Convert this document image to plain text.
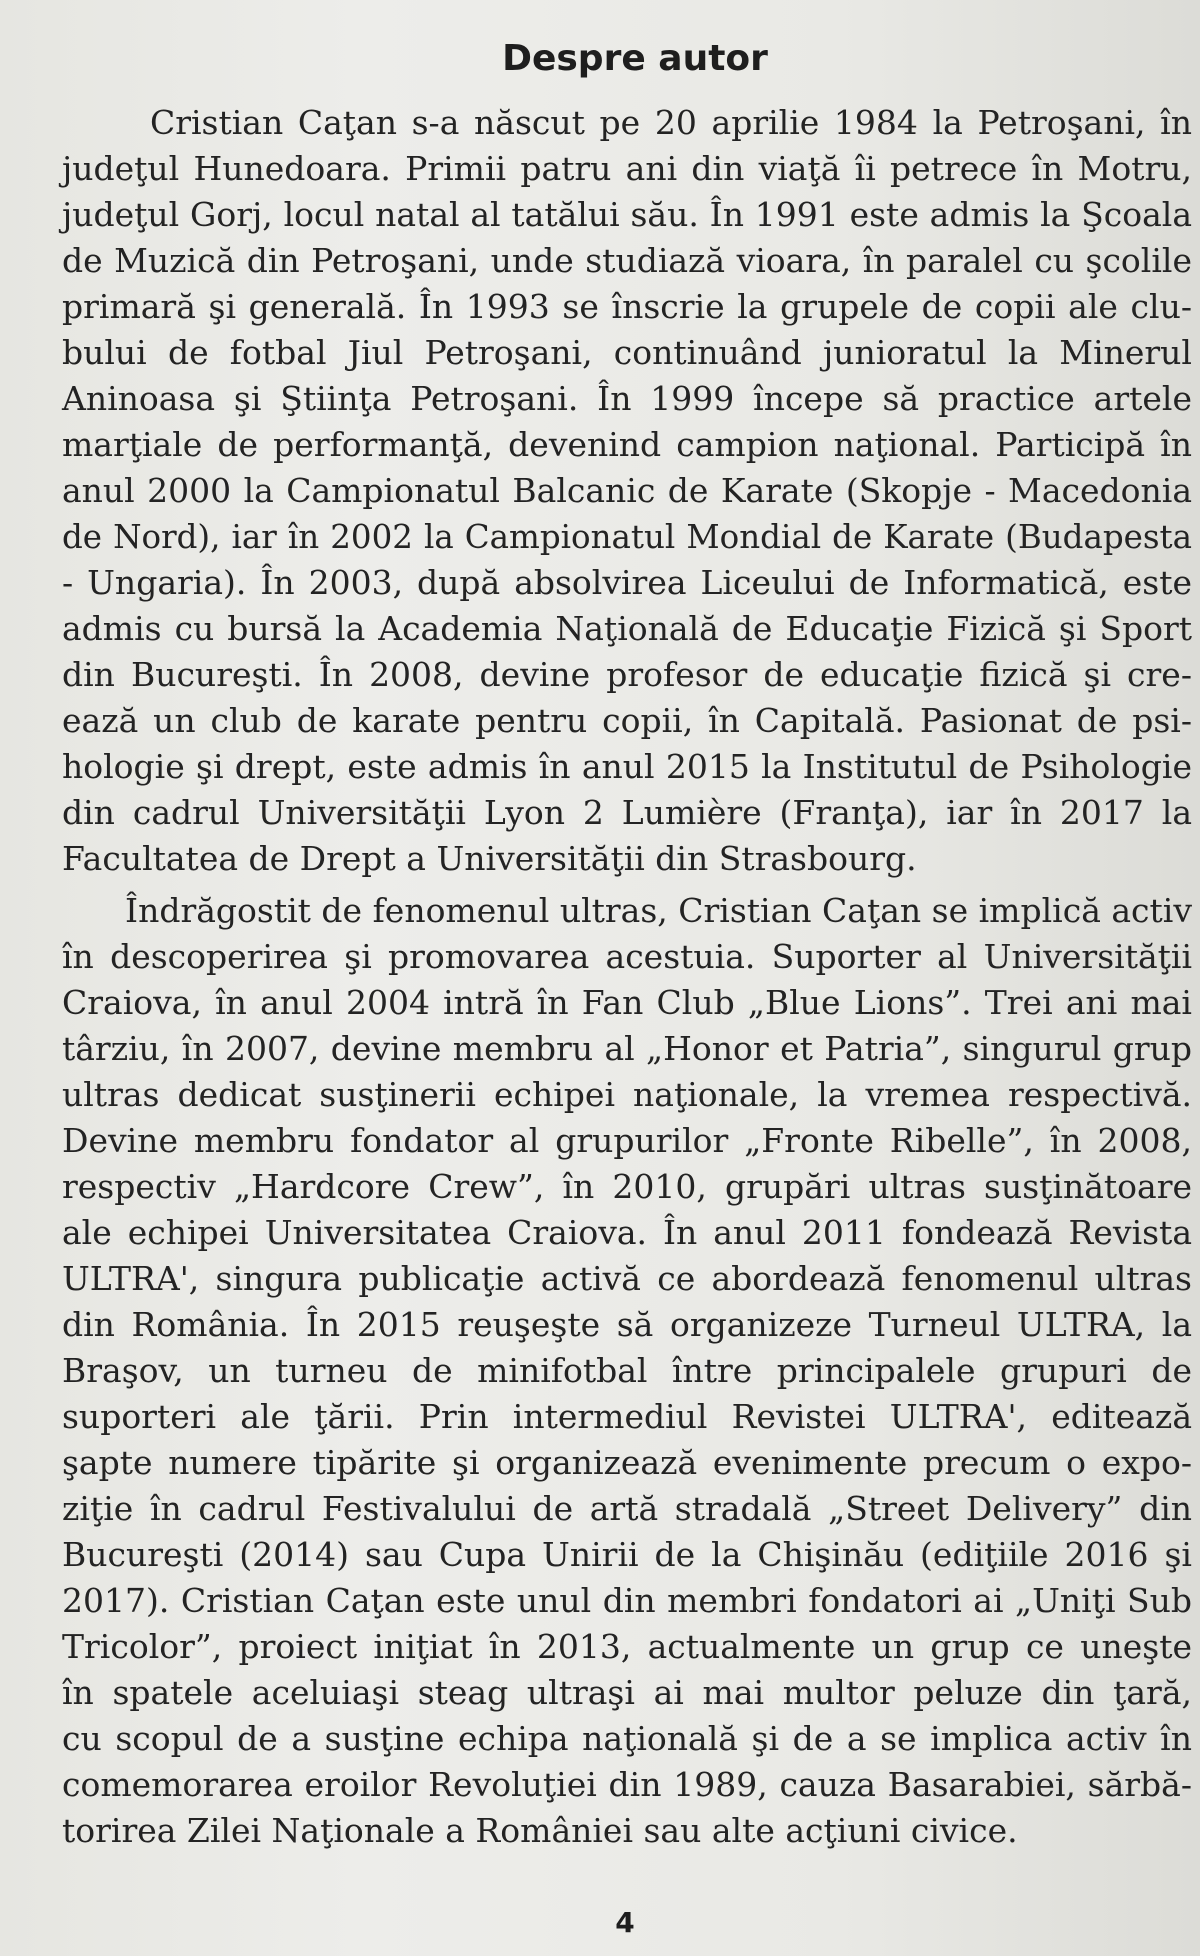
Despre autor
Cristian Caţan s-a născut pe 20 aprilie 1984 la Petroşani, în
judeţul Hunedoara. Primii patru ani din viaţă îi petrece în Motru,
judeţul Gorj, locul natal al tatălui său. În 1991 este admis la Şcoala
de Muzică din Petroşani, unde studiază vioara, în paralel cu şcolile
primară şi generală. În 1993 se înscrie la grupele de copii ale clu-
bului de fotbal Jiul Petroşani, continuând junioratul la Minerul
Aninoasa şi Ştiinţa Petroşani. În 1999 începe să practice artele
marţiale de performanţă, devenind campion naţional. Participă în
anul 2000 la Campionatul Balcanic de Karate (Skopje - Macedonia
de Nord), iar în 2002 la Campionatul Mondial de Karate (Budapesta
- Ungaria). În 2003, după absolvirea Liceului de Informatică, este
admis cu bursă la Academia Naţională de Educaţie Fizică şi Sport
din Bucureşti. În 2008, devine profesor de educaţie fizică şi cre-
ează un club de karate pentru copii, în Capitală. Pasionat de psi-
hologie şi drept, este admis în anul 2015 la Institutul de Psihologie
din cadrul Universităţii Lyon 2 Lumière (Franţa), iar în 2017 la
Facultatea de Drept a Universităţii din Strasbourg.
Îndrăgostit de fenomenul ultras, Cristian Caţan se implică activ
în descoperirea şi promovarea acestuia. Suporter al Universităţii
Craiova, în anul 2004 intră în Fan Club „Blue Lions”. Trei ani mai
târziu, în 2007, devine membru al „Honor et Patria”, singurul grup
ultras dedicat susţinerii echipei naţionale, la vremea respectivă.
Devine membru fondator al grupurilor „Fronte Ribelle”, în 2008,
respectiv „Hardcore Crew”, în 2010, grupări ultras susţinătoare
ale echipei Universitatea Craiova. În anul 2011 fondează Revista
ULTRA', singura publicaţie activă ce abordează fenomenul ultras
din România. În 2015 reuşeşte să organizeze Turneul ULTRA, la
Braşov, un turneu de minifotbal între principalele grupuri de
suporteri ale ţării. Prin intermediul Revistei ULTRA', editează
şapte numere tipărite şi organizează evenimente precum o expo-
ziţie în cadrul Festivalului de artă stradală „Street Delivery” din
Bucureşti (2014) sau Cupa Unirii de la Chişinău (ediţiile 2016 şi
2017). Cristian Caţan este unul din membri fondatori ai „Uniţi Sub
Tricolor”, proiect iniţiat în 2013, actualmente un grup ce uneşte
în spatele aceluiaşi steag ultraşi ai mai multor peluze din ţară,
cu scopul de a susţine echipa naţională şi de a se implica activ în
comemorarea eroilor Revoluţiei din 1989, cauza Basarabiei, sărbă-
torirea Zilei Naţionale a României sau alte acţiuni civice.
4
